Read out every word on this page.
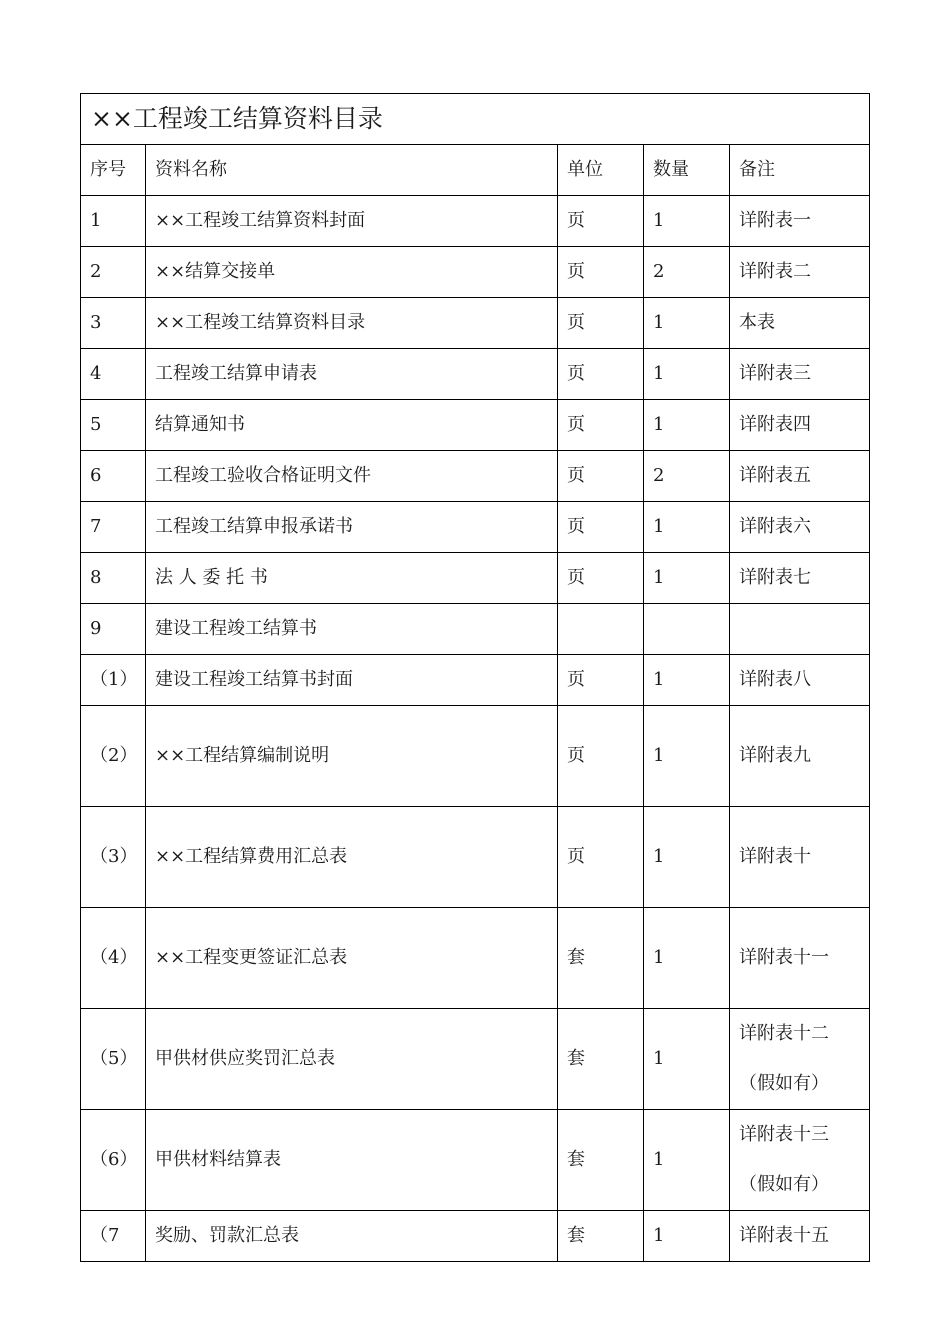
××工程竣工结算资料目录				
序号	资料名称	单位	数量	备注
1	××工程竣工结算资料封面	页	1	详附表一
2	××结算交接单	页	2	详附表二
3	××工程竣工结算资料目录	页	1	本表
4	工程竣工结算申请表	页	1	详附表三
5	结算通知书	页	1	详附表四
6	工程竣工验收合格证明文件	页	2	详附表五
7	工程竣工结算申报承诺书	页	1	详附表六
8	法 人 委 托 书	页	1	详附表七
9	建设工程竣工结算书			
（1）	建设工程竣工结算书封面	页	1	详附表八

（2）	××工程结算编制说明	页	1	详附表九

（3）	××工程结算费用汇总表	页	1	详附表十

（4）	××工程变更签证汇总表	套	1	详附表十一

（5）	甲供材供应奖罚汇总表	套	1	详附表十二
（假如有）

（6）	甲供材料结算表	套	1	详附表十三
（假如有）

（7	奖励、罚款汇总表	套	1	详附表十五
